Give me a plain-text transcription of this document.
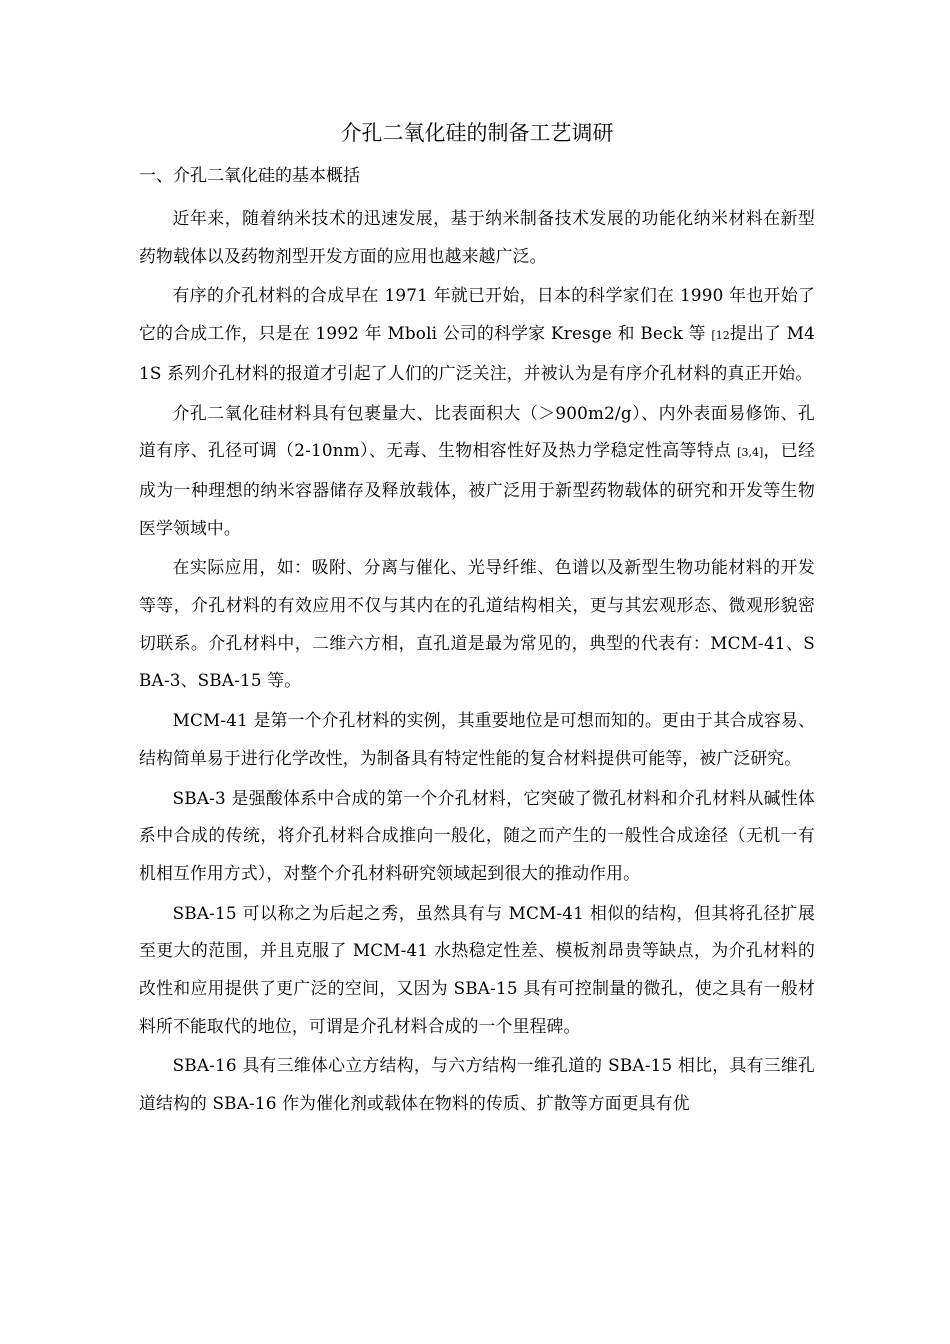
介孔二氧化硅的制备工艺调研
一、介孔二氧化硅的基本概括

近年来，随着纳米技术的迅速发展，基于纳米制备技术发展的功能化纳米材料在新型药物载体以及药物剂型开发方面的应用也越来越广泛。

有序的介孔材料的合成早在 1971 年就已开始，日本的科学家们在 1990 年也开始了它的合成工作，只是在 1992 年 Mboli 公司的科学家 Kresge 和 Beck 等 [12提出了 M41S 系列介孔材料的报道才引起了人们的广泛关注，并被认为是有序介孔材料的真正开始。

介孔二氧化硅材料具有包裹量大、比表面积大（＞900m2/g）、内外表面易修饰、孔道有序、孔径可调（2-10nm）、无毒、生物相容性好及热力学稳定性高等特点 [3,4]，已经成为一种理想的纳米容器储存及释放载体，被广泛用于新型药物载体的研究和开发等生物医学领域中。

在实际应用，如：吸附、分离与催化、光导纤维、色谱以及新型生物功能材料的开发等等，介孔材料的有效应用不仅与其内在的孔道结构相关，更与其宏观形态、微观形貌密切联系。介孔材料中，二维六方相，直孔道是最为常见的，典型的代表有：MCM-41、SBA-3、SBA-15 等。

MCM-41 是第一个介孔材料的实例，其重要地位是可想而知的。更由于其合成容易、结构简单易于进行化学改性，为制备具有特定性能的复合材料提供可能等，被广泛研究。

SBA-3 是强酸体系中合成的第一个介孔材料，它突破了微孔材料和介孔材料从碱性体系中合成的传统，将介孔材料合成推向一般化，随之而产生的一般性合成途径（无机一有机相互作用方式），对整个介孔材料研究领域起到很大的推动作用。

SBA-15 可以称之为后起之秀，虽然具有与 MCM-41 相似的结构，但其将孔径扩展至更大的范围，并且克服了 MCM-41 水热稳定性差、模板剂昂贵等缺点，为介孔材料的改性和应用提供了更广泛的空间，又因为 SBA-15 具有可控制量的微孔，使之具有一般材料所不能取代的地位，可谓是介孔材料合成的一个里程碑。

SBA-16 具有三维体心立方结构，与六方结构一维孔道的 SBA-15 相比，具有三维孔道结构的 SBA-16 作为催化剂或载体在物料的传质、扩散等方面更具有优
